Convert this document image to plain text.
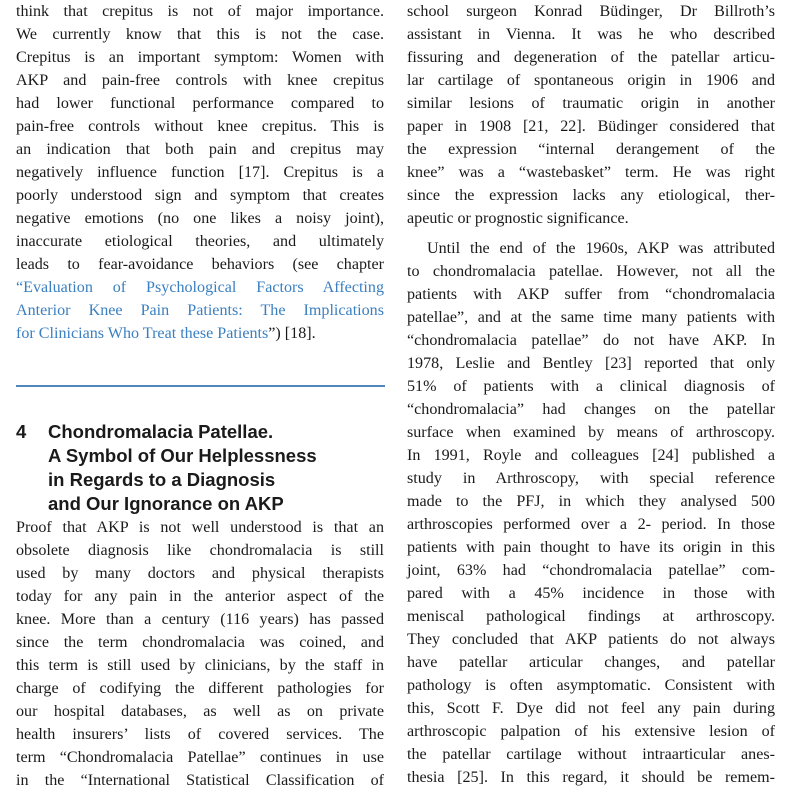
think that crepitus is not of major importance.
We currently know that this is not the case.
Crepitus is an important symptom: Women with
AKP and pain-free controls with knee crepitus
had lower functional performance compared to
pain-free controls without knee crepitus. This is
an indication that both pain and crepitus may
negatively influence function [17]. Crepitus is a
poorly understood sign and symptom that creates
negative emotions (no one likes a noisy joint),
inaccurate etiological theories, and ultimately
leads to fear-avoidance behaviors (see chapter
“Evaluation of Psychological Factors Affecting
Anterior Knee Pain Patients: The Implications
for Clinicians Who Treat these Patients”) [18].
4 Chondromalacia Patellae.
A Symbol of Our Helplessness
in Regards to a Diagnosis
and Our Ignorance on AKP
Proof that AKP is not well understood is that an
obsolete diagnosis like chondromalacia is still
used by many doctors and physical therapists
today for any pain in the anterior aspect of the
knee. More than a century (116 years) has passed
since the term chondromalacia was coined, and
this term is still used by clinicians, by the staff in
charge of codifying the different pathologies for
our hospital databases, as well as on private
health insurers’ lists of covered services. The
term “Chondromalacia Patellae” continues in use
in the “International Statistical Classification of
school surgeon Konrad Büdinger, Dr Billroth’s
assistant in Vienna. It was he who described
fissuring and degeneration of the patellar articu-
lar cartilage of spontaneous origin in 1906 and
similar lesions of traumatic origin in another
paper in 1908 [21, 22]. Büdinger considered that
the expression “internal derangement of the
knee” was a “wastebasket” term. He was right
since the expression lacks any etiological, ther-
apeutic or prognostic significance.
Until the end of the 1960s, AKP was attributed
to chondromalacia patellae. However, not all the
patients with AKP suffer from “chondromalacia
patellae”, and at the same time many patients with
“chondromalacia patellae” do not have AKP. In
1978, Leslie and Bentley [23] reported that only
51% of patients with a clinical diagnosis of
“chondromalacia” had changes on the patellar
surface when examined by means of arthroscopy.
In 1991, Royle and colleagues [24] published a
study in Arthroscopy, with special reference
made to the PFJ, in which they analysed 500
arthroscopies performed over a 2- period. In those
patients with pain thought to have its origin in this
joint, 63% had “chondromalacia patellae” com-
pared with a 45% incidence in those with
meniscal pathological findings at arthroscopy.
They concluded that AKP patients do not always
have patellar articular changes, and patellar
pathology is often asymptomatic. Consistent with
this, Scott F. Dye did not feel any pain during
arthroscopic palpation of his extensive lesion of
the patellar cartilage without intraarticular anes-
thesia [25]. In this regard, it should be remem-
